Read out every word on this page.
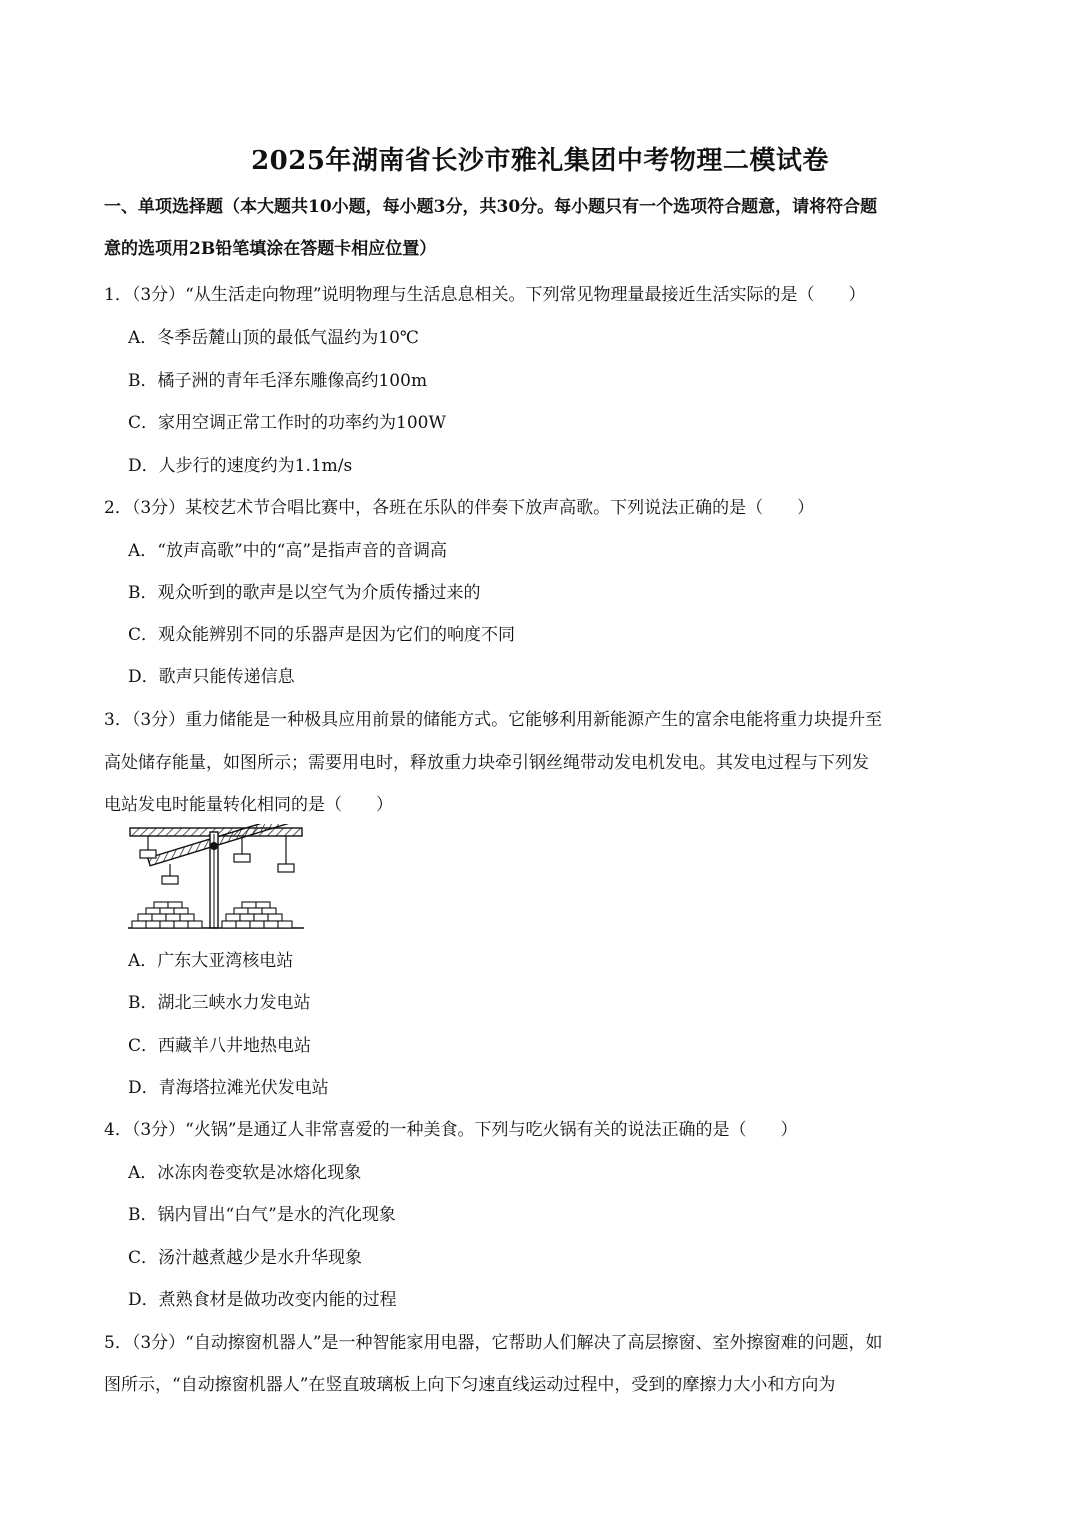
2025年湖南省长沙市雅礼集团中考物理二模试卷
一、单项选择题（本大题共10小题，每小题3分，共30分。每小题只有一个选项符合题意，请将符合题
意的选项用2B铅笔填涂在答题卡相应位置）
1．（3分）“从生活走向物理”说明物理与生活息息相关。下列常见物理量最接近生活实际的是（　　）
A．冬季岳麓山顶的最低气温约为10℃
B．橘子洲的青年毛泽东雕像高约100m
C．家用空调正常工作时的功率约为100W
D．人步行的速度约为1.1m/s
2．（3分）某校艺术节合唱比赛中，各班在乐队的伴奏下放声高歌。下列说法正确的是（　　）
A．“放声高歌”中的“高”是指声音的音调高
B．观众听到的歌声是以空气为介质传播过来的
C．观众能辨别不同的乐器声是因为它们的响度不同
D．歌声只能传递信息
3．（3分）重力储能是一种极具应用前景的储能方式。它能够利用新能源产生的富余电能将重力块提升至
高处储存能量，如图所示；需要用电时，释放重力块牵引钢丝绳带动发电机发电。其发电过程与下列发
电站发电时能量转化相同的是（　　）
A．广东大亚湾核电站
B．湖北三峡水力发电站
C．西藏羊八井地热电站
D．青海塔拉滩光伏发电站
4．（3分）“火锅”是通辽人非常喜爱的一种美食。下列与吃火锅有关的说法正确的是（　　）
A．冰冻肉卷变软是冰熔化现象
B．锅内冒出“白气”是水的汽化现象
C．汤汁越煮越少是水升华现象
D．煮熟食材是做功改变内能的过程
5．（3分）“自动擦窗机器人”是一种智能家用电器，它帮助人们解决了高层擦窗、室外擦窗难的问题，如
图所示，“自动擦窗机器人”在竖直玻璃板上向下匀速直线运动过程中，受到的摩擦力大小和方向为
